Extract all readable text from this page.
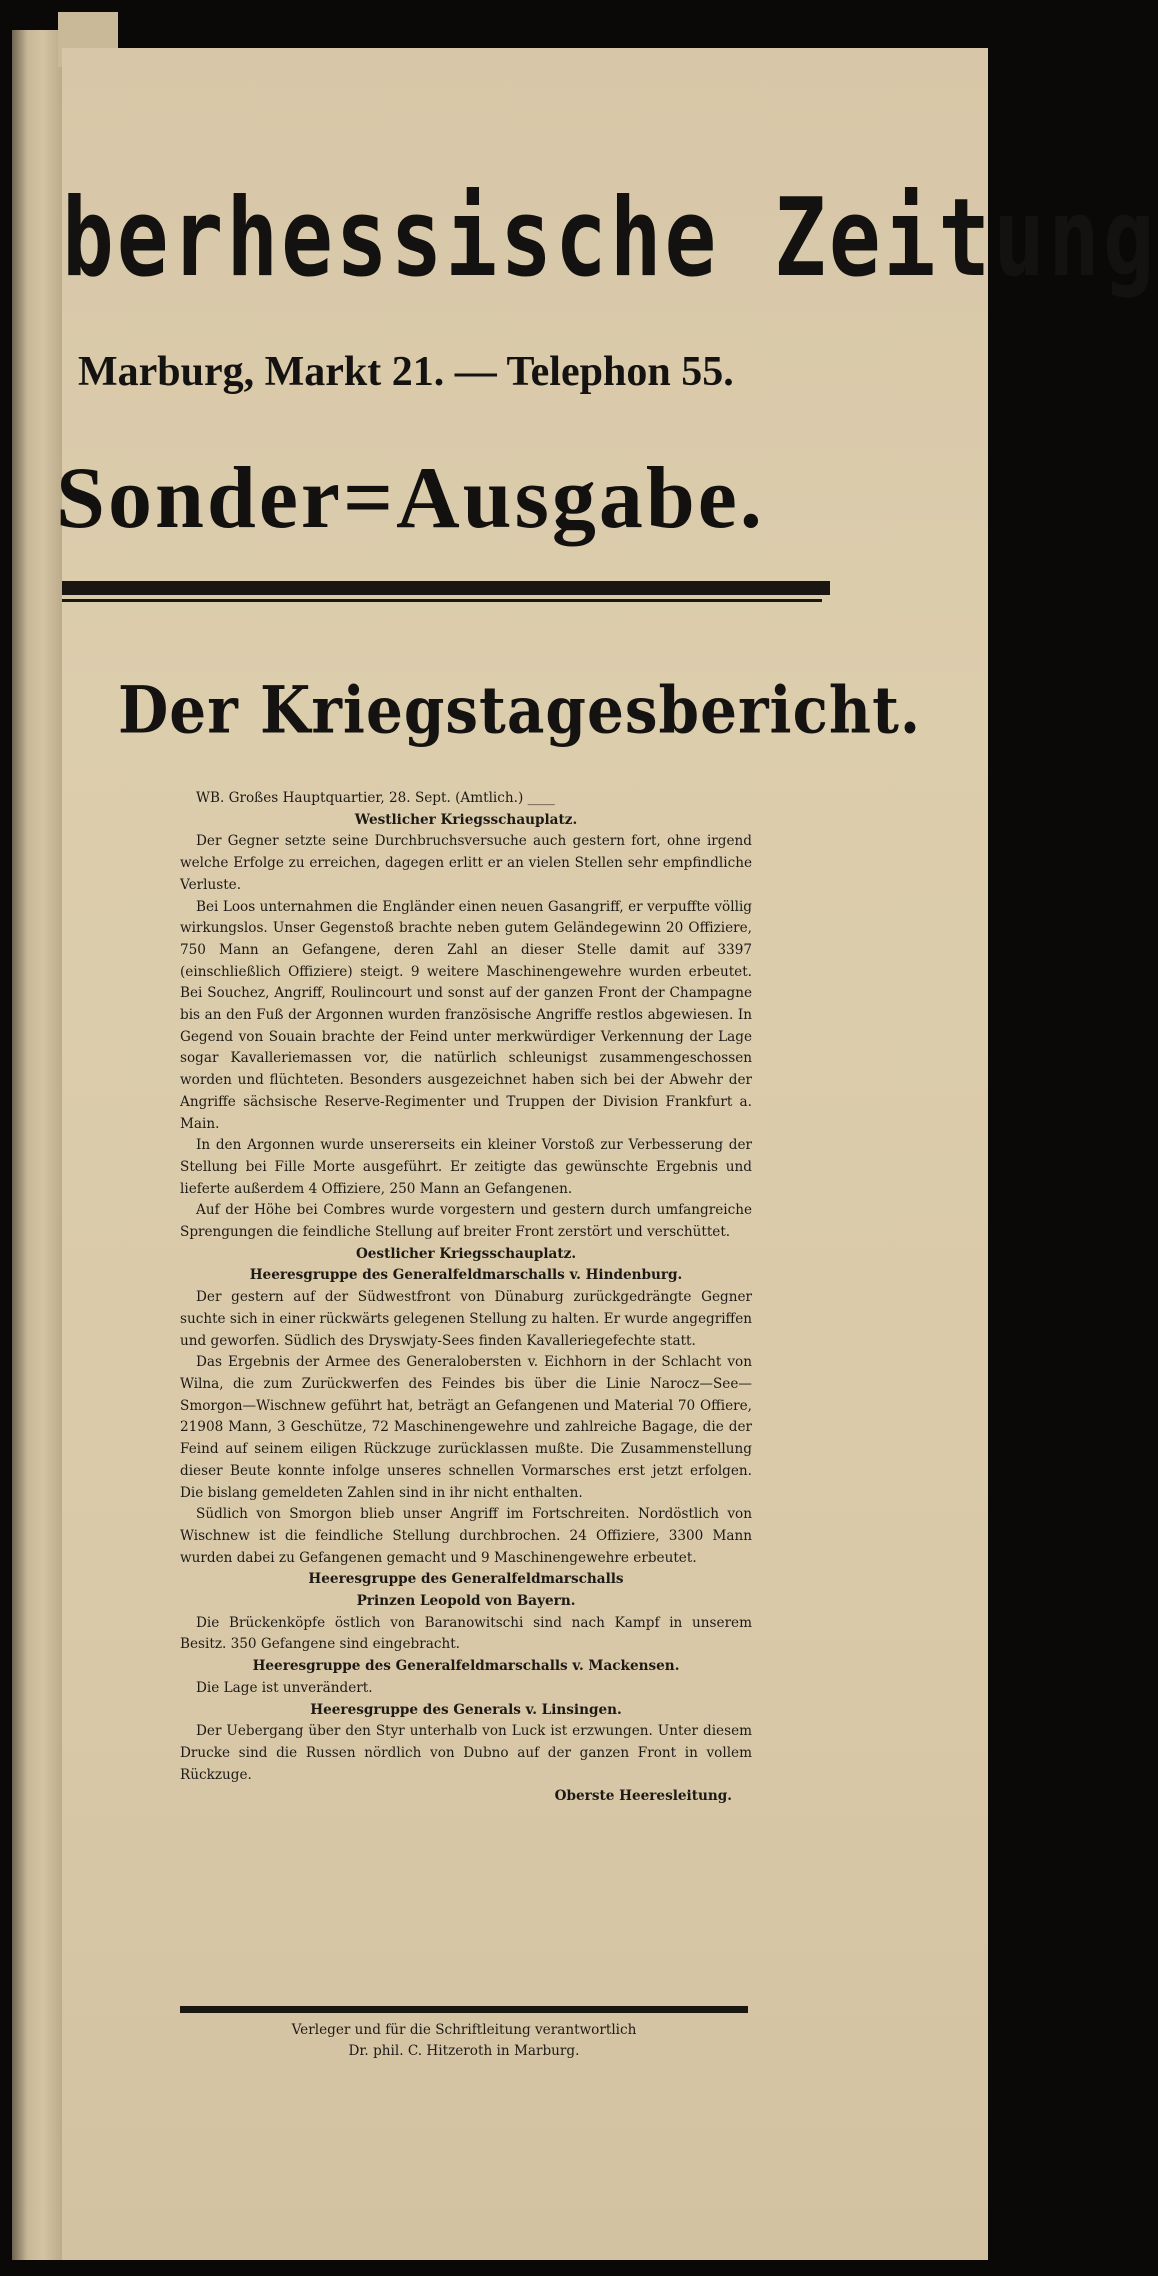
berhessische Zeitung
Marburg, Markt 21. — Telephon 55.
Sonder=Ausgabe.
Der Kriegstagesbericht.

WB. Großes Hauptquartier, 28. Sept. (Amtlich.) ____

Westlicher Kriegsschauplatz.

Der Gegner setzte seine Durchbruchsversuche auch gestern fort, ohne irgend welche Erfolge zu erreichen, dagegen erlitt er an vielen Stellen sehr empfindliche Verluste.

Bei Loos unternahmen die Engländer einen neuen Gasangriff, er verpuffte völlig wirkungslos. Unser Gegenstoß brachte neben gutem Geländegewinn 20 Offiziere, 750 Mann an Gefangene, deren Zahl an dieser Stelle damit auf 3397 (einschließlich Offiziere) steigt. 9 weitere Maschinengewehre wurden erbeutet. Bei Souchez, Angriff, Roulincourt und sonst auf der ganzen Front der Champagne bis an den Fuß der Argonnen wurden französische Angriffe restlos abgewiesen. In Gegend von Souain brachte der Feind unter merkwürdiger Verkennung der Lage sogar Kavalleriemassen vor, die natürlich schleunigst zusammengeschossen worden und flüchteten. Besonders ausgezeichnet haben sich bei der Abwehr der Angriffe sächsische Reserve-Regimenter und Truppen der Division Frankfurt a. Main.

In den Argonnen wurde unsererseits ein kleiner Vorstoß zur Verbesserung der Stellung bei Fille Morte ausgeführt. Er zeitigte das gewünschte Ergebnis und lieferte außerdem 4 Offiziere, 250 Mann an Gefangenen.

Auf der Höhe bei Combres wurde vorgestern und gestern durch umfangreiche Sprengungen die feindliche Stellung auf breiter Front zerstört und verschüttet.

Oestlicher Kriegsschauplatz.

Heeresgruppe des Generalfeldmarschalls v. Hindenburg.

Der gestern auf der Südwestfront von Dünaburg zurückgedrängte Gegner suchte sich in einer rückwärts gelegenen Stellung zu halten. Er wurde angegriffen und geworfen. Südlich des Dryswjaty-Sees finden Kavalleriegefechte statt.

Das Ergebnis der Armee des Generalobersten v. Eichhorn in der Schlacht von Wilna, die zum Zurückwerfen des Feindes bis über die Linie Narocz—See—Smorgon—Wischnew geführt hat, beträgt an Gefangenen und Material 70 Offiere, 21908 Mann, 3 Geschütze, 72 Maschinengewehre und zahlreiche Bagage, die der Feind auf seinem eiligen Rückzuge zurücklassen mußte. Die Zusammenstellung dieser Beute konnte infolge unseres schnellen Vormarsches erst jetzt erfolgen. Die bislang gemeldeten Zahlen sind in ihr nicht enthalten.

Südlich von Smorgon blieb unser Angriff im Fortschreiten. Nordöstlich von Wischnew ist die feindliche Stellung durchbrochen. 24 Offiziere, 3300 Mann wurden dabei zu Gefangenen gemacht und 9 Maschinengewehre erbeutet.

Heeresgruppe des Generalfeldmarschalls

Prinzen Leopold von Bayern.

Die Brückenköpfe östlich von Baranowitschi sind nach Kampf in unserem Besitz. 350 Gefangene sind eingebracht.

Heeresgruppe des Generalfeldmarschalls v. Mackensen.

Die Lage ist unverändert.

Heeresgruppe des Generals v. Linsingen.

Der Uebergang über den Styr unterhalb von Luck ist erzwungen. Unter diesem Drucke sind die Russen nördlich von Dubno auf der ganzen Front in vollem Rückzuge.

Oberste Heeresleitung.

Verleger und für die Schriftleitung verantwortlich

Dr. phil. C. Hitzeroth in Marburg.
